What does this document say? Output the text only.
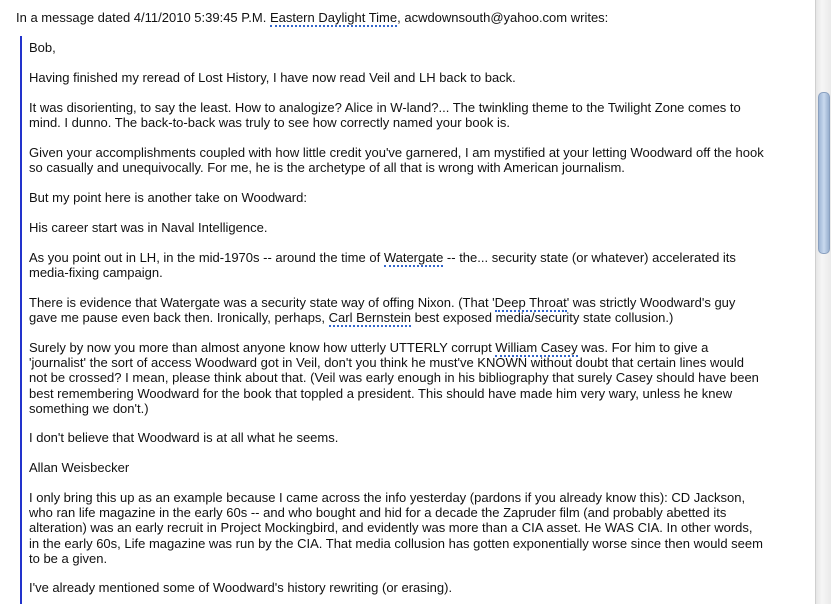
In a message dated 4/11/2010 5:39:45 P.M. Eastern Daylight Time, acwdownsouth@yahoo.com writes:
Bob,
Having finished my reread of Lost History, I have now read Veil and LH back to back.
It was disorienting, to say the least. How to analogize? Alice in W-land?... The twinkling theme to the Twilight Zone comes to
mind. I dunno. The back-to-back was truly to see how correctly named your book is.
Given your accomplishments coupled with how little credit you've garnered, I am mystified at your letting Woodward off the hook
so casually and unequivocally. For me, he is the archetype of all that is wrong with American journalism.
But my point here is another take on Woodward:
His career start was in Naval Intelligence.
As you point out in LH, in the mid-1970s -- around the time of Watergate -- the... security state (or whatever) accelerated its
media-fixing campaign.
There is evidence that Watergate was a security state way of offing Nixon. (That 'Deep Throat' was strictly Woodward's guy
gave me pause even back then. Ironically, perhaps, Carl Bernstein best exposed media/security state collusion.)
Surely by now you more than almost anyone know how utterly UTTERLY corrupt William Casey was. For him to give a
'journalist' the sort of access Woodward got in Veil, don't you think he must've KNOWN without doubt that certain lines would
not be crossed? I mean, please think about that. (Veil was early enough in his bibliography that surely Casey should have been
best remembering Woodward for the book that toppled a president. This should have made him very wary, unless he knew
something we don't.)
I don't believe that Woodward is at all what he seems.
Allan Weisbecker
I only bring this up as an example because I came across the info yesterday (pardons if you already know this): CD Jackson,
who ran life magazine in the early 60s -- and who bought and hid for a decade the Zapruder film (and probably abetted its
alteration) was an early recruit in Project Mockingbird, and evidently was more than a CIA asset. He WAS CIA. In other words,
in the early 60s, Life magazine was run by the CIA. That media collusion has gotten exponentially worse since then would seem
to be a given.
I've already mentioned some of Woodward's history rewriting (or erasing).
